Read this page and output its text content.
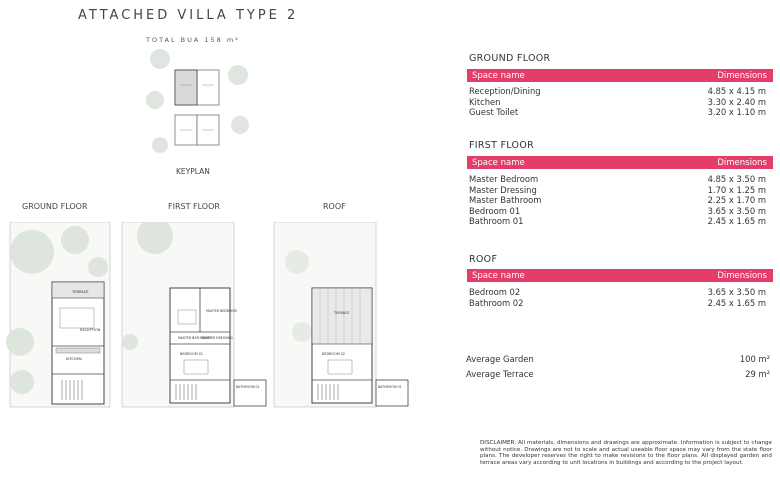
ATTACHED VILLA TYPE 2
TOTAL BUA 158 m²
KEYPLAN
GROUND FLOOR	FIRST FLOOR	ROOF
TERRACE
RECEPTION
KITCHEN
MASTER BEDROOM
MASTER BATHROOM
MASTER DRESSING
BEDROOM 01
BATHROOM 01
TERRACE
BEDROOM 02
BATHROOM 02
GROUND FLOOR
Space name	Dimensions
Reception/Dining	4.85 x 4.15 m
Kitchen	3.30 x 2.40 m
Guest Toilet	3.20 x 1.10 m
FIRST FLOOR
Space name	Dimensions
Master Bedroom	4.85 x 3.50 m
Master Dressing	1.70 x 1.25 m
Master Bathroom	2.25 x 1.70 m
Bedroom 01	3.65 x 3.50 m
Bathroom 01	2.45 x 1.65 m
ROOF
Space name	Dimensions
Bedroom 02	3.65 x 3.50 m
Bathroom 02	2.45 x 1.65 m
Average Garden	100 m²
Average Terrace	29 m²
DISCLAIMER: All materials, dimensions and drawings are approximate. Information is subject to change without notice. Drawings are not to scale and actual useable floor space may vary from the state floor plans. The developer reserves the right to make revisions to the floor plans. All displayed garden and terrace areas vary according to unit locations in buildings and according to the project layout.
